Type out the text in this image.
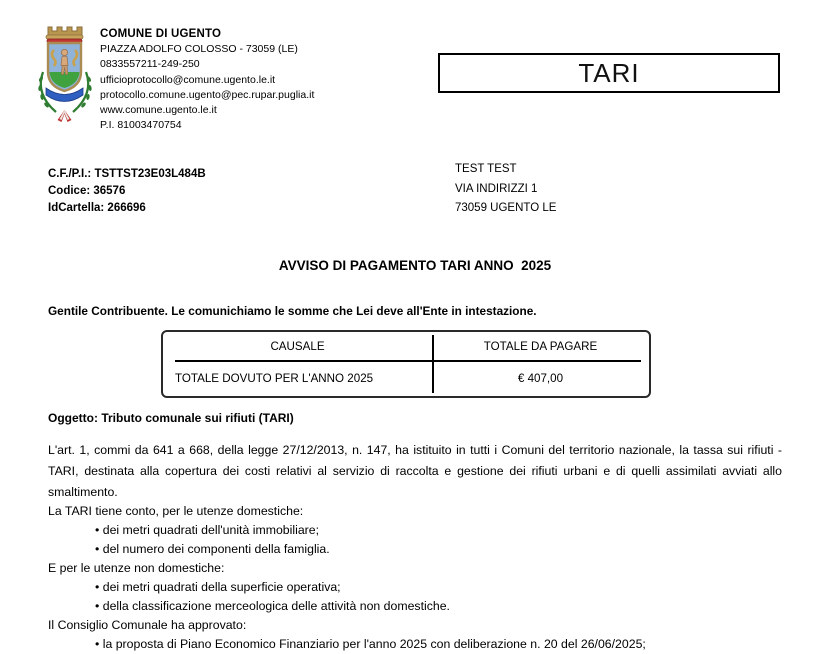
COMUNE DI UGENTO
PIAZZA ADOLFO COLOSSO - 73059 (LE)
0833557211-249-250
ufficioprotocollo@comune.ugento.le.it
protocollo.comune.ugento@pec.rupar.puglia.it
www.comune.ugento.le.it
P.I. 81003470754
TARI
C.F./P.I.: TSTTST23E03L484B
Codice: 36576
IdCartella: 266696
TEST TEST
VIA INDIRIZZI 1
73059 UGENTO LE
AVVISO DI PAGAMENTO TARI ANNO  2025
Gentile Contribuente. Le comunichiamo le somme che Lei deve all'Ente in intestazione.
CAUSALE	TOTALE DA PAGARE
TOTALE DOVUTO PER L'ANNO 2025	€ 407,00
Oggetto: Tributo comunale sui rifiuti (TARI)

L'art. 1, commi da 641 a 668, della legge 27/12/2013, n. 147, ha istituito in tutti i Comuni del territorio nazionale, la tassa sui rifiuti - TARI, destinata alla copertura dei costi relativi al servizio di raccolta e gestione dei rifiuti urbani e di quelli assimilati avviati allo smaltimento.

La TARI tiene conto, per le utenze domestiche:
• dei metri quadrati dell'unità immobiliare;
• del numero dei componenti della famiglia.
E per le utenze non domestiche:
• dei metri quadrati della superficie operativa;
• della classificazione merceologica delle attività non domestiche.
Il Consiglio Comunale ha approvato:
• la proposta di Piano Economico Finanziario per l'anno 2025 con deliberazione n. 20 del 26/06/2025;
